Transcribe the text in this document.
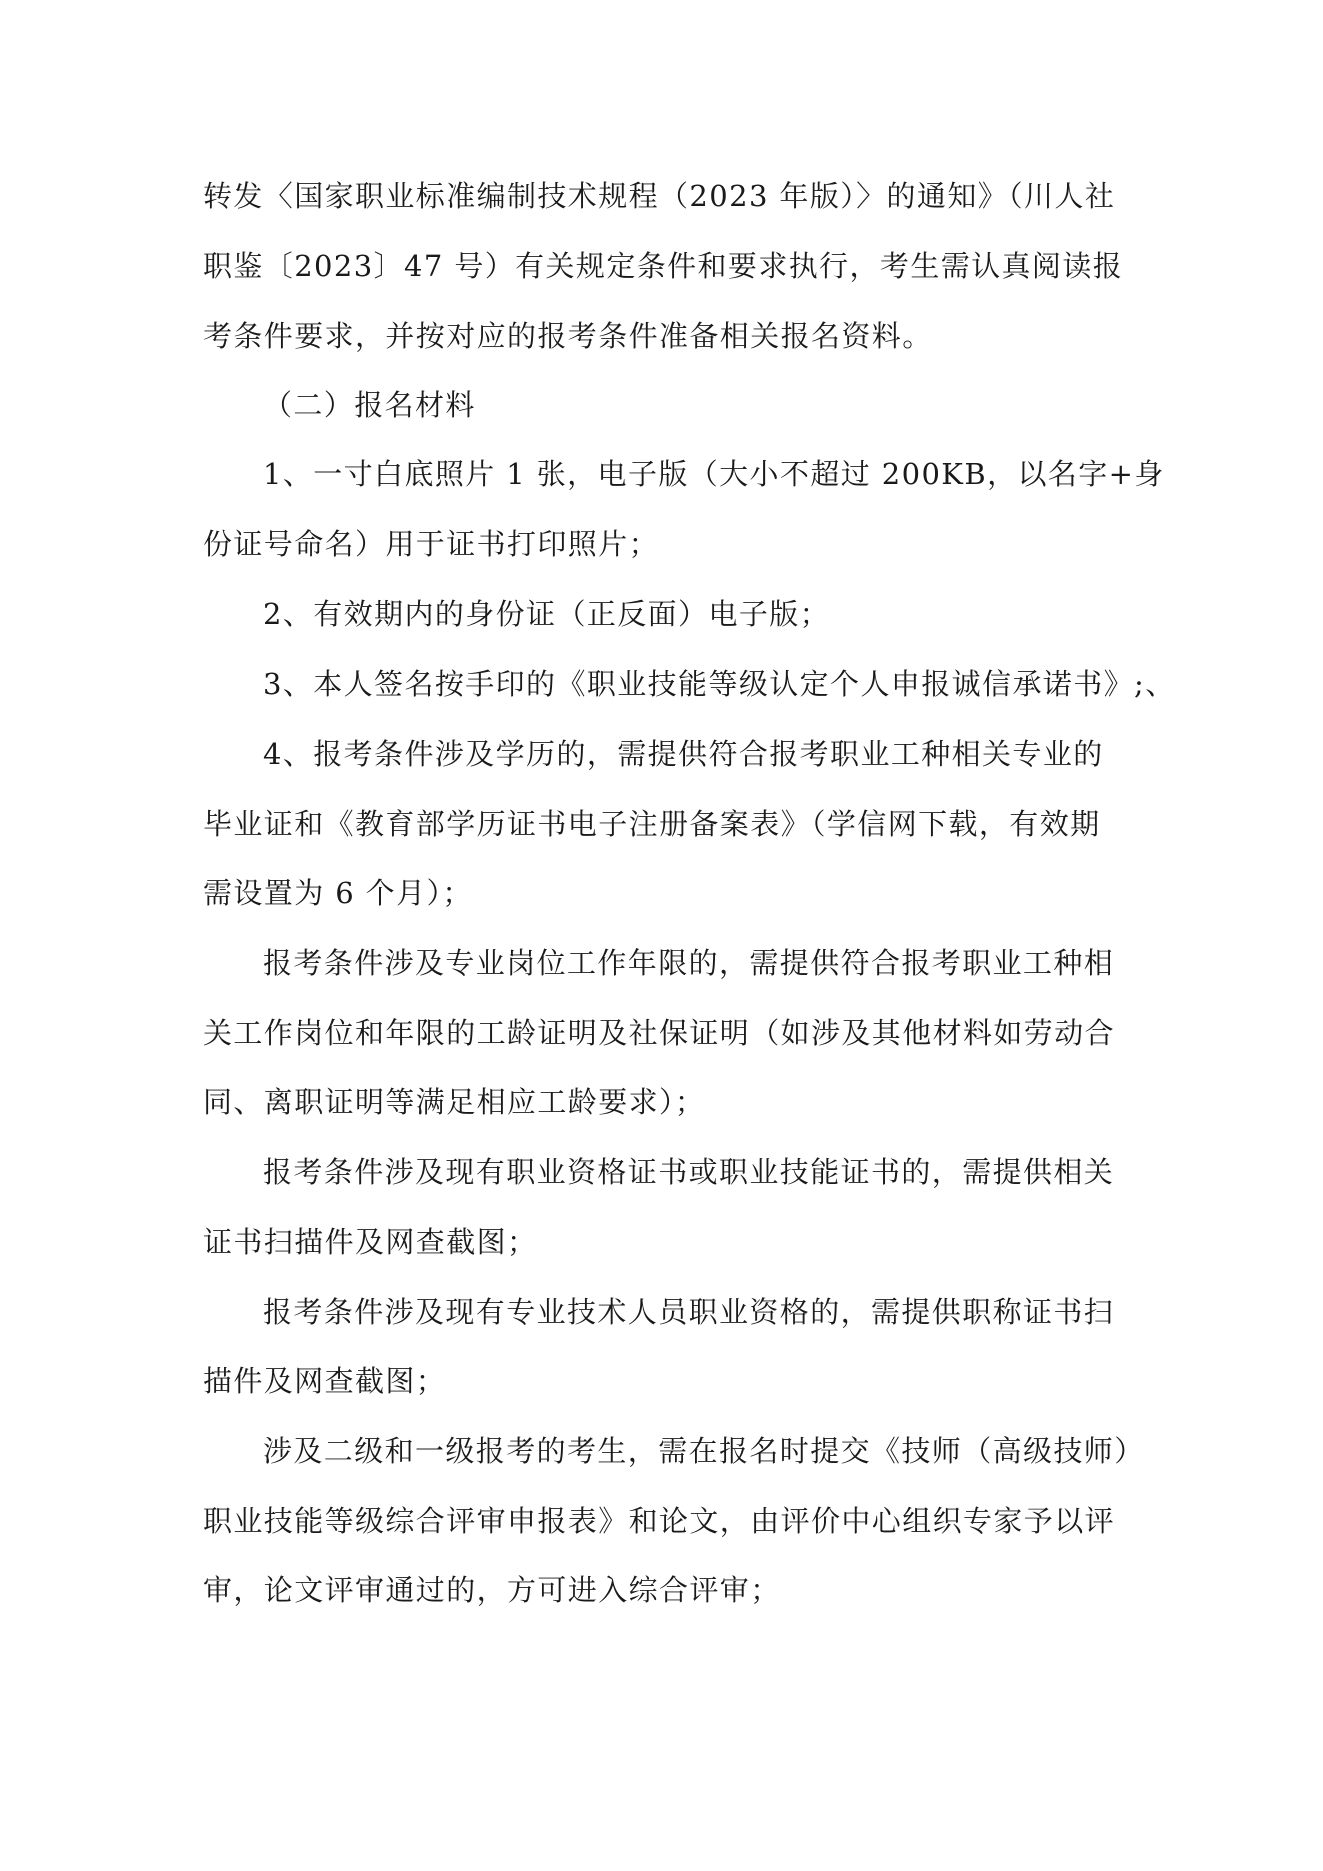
转发〈国家职业标准编制技术规程（2023 年版）〉的通知》（川人社
职鉴〔2023〕47 号）有关规定条件和要求执行，考生需认真阅读报
考条件要求，并按对应的报考条件准备相关报名资料。
（二）报名材料
1、一寸白底照片 1 张，电子版（大小不超过 200KB，以名字+身
份证号命名）用于证书打印照片；
2、有效期内的身份证（正反面）电子版；
3、本人签名按手印的《职业技能等级认定个人申报诚信承诺书》;、
4、报考条件涉及学历的，需提供符合报考职业工种相关专业的
毕业证和《教育部学历证书电子注册备案表》（学信网下载，有效期
需设置为 6 个月）；
报考条件涉及专业岗位工作年限的，需提供符合报考职业工种相
关工作岗位和年限的工龄证明及社保证明（如涉及其他材料如劳动合
同、离职证明等满足相应工龄要求）；
报考条件涉及现有职业资格证书或职业技能证书的，需提供相关
证书扫描件及网查截图；
报考条件涉及现有专业技术人员职业资格的，需提供职称证书扫
描件及网查截图；
涉及二级和一级报考的考生，需在报名时提交《技师（高级技师）
职业技能等级综合评审申报表》和论文，由评价中心组织专家予以评
审，论文评审通过的，方可进入综合评审；
